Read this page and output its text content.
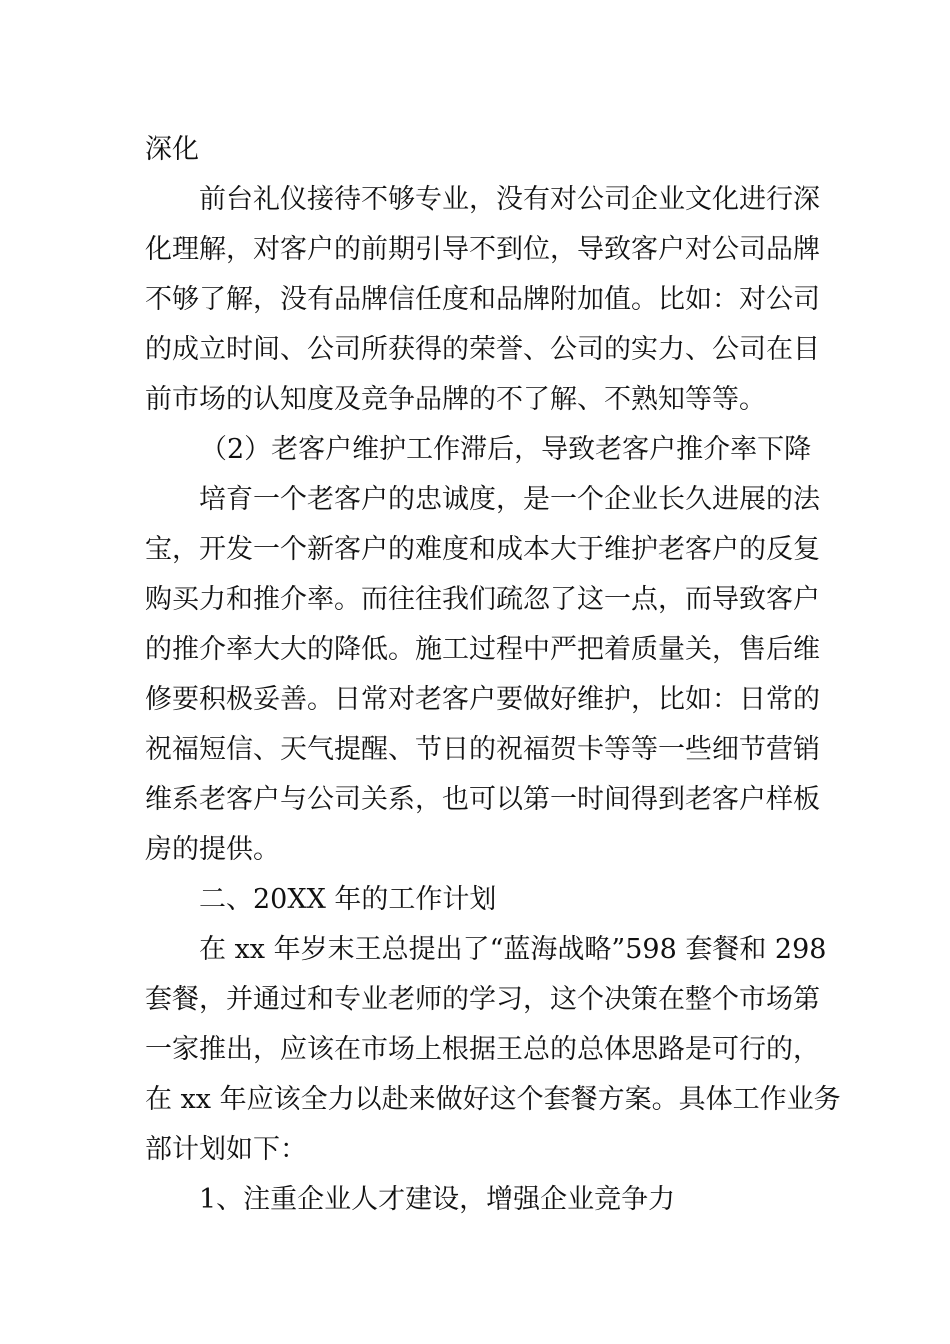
深化
前台礼仪接待不够专业，没有对公司企业文化进行深
化理解，对客户的前期引导不到位，导致客户对公司品牌
不够了解，没有品牌信任度和品牌附加值。比如：对公司
的成立时间、公司所获得的荣誉、公司的实力、公司在目
前市场的认知度及竞争品牌的不了解、不熟知等等。
（2）老客户维护工作滞后，导致老客户推介率下降
培育一个老客户的忠诚度，是一个企业长久进展的法
宝，开发一个新客户的难度和成本大于维护老客户的反复
购买力和推介率。而往往我们疏忽了这一点，而导致客户
的推介率大大的降低。施工过程中严把着质量关，售后维
修要积极妥善。日常对老客户要做好维护，比如：日常的
祝福短信、天气提醒、节日的祝福贺卡等等一些细节营销
维系老客户与公司关系，也可以第一时间得到老客户样板
房的提供。
二、20XX 年的工作计划
在 xx 年岁末王总提出了“蓝海战略”598 套餐和 298
套餐，并通过和专业老师的学习，这个决策在整个市场第
一家推出，应该在市场上根据王总的总体思路是可行的，
在 xx 年应该全力以赴来做好这个套餐方案。具体工作业务
部计划如下：
1、注重企业人才建设，增强企业竞争力
